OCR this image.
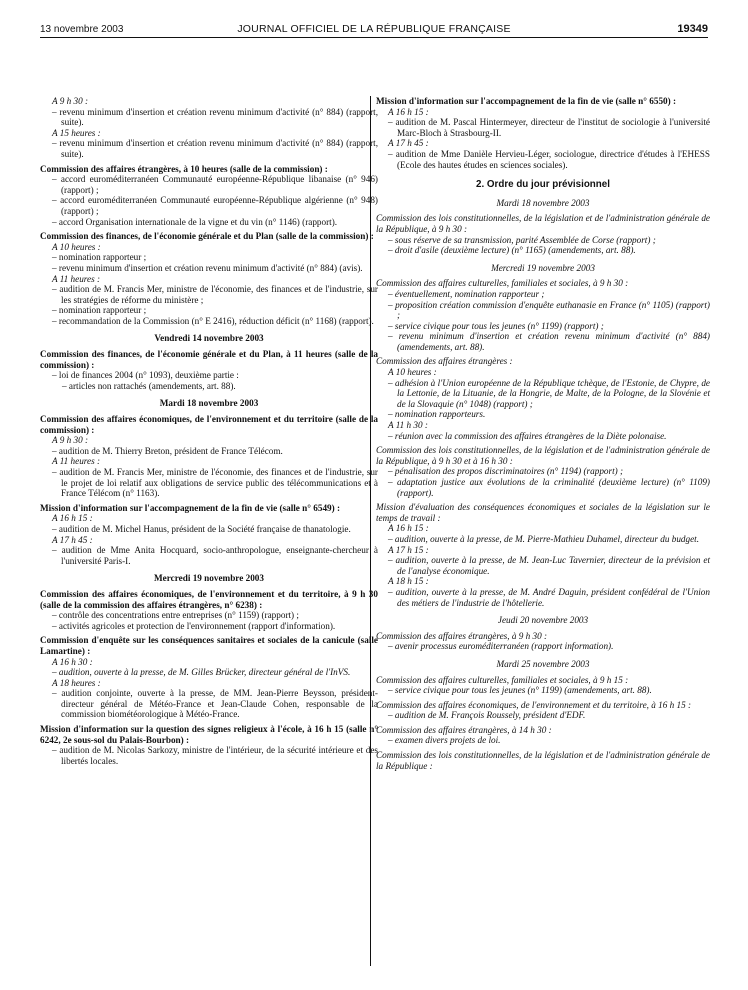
13 novembre 2003	JOURNAL OFFICIEL DE LA RÉPUBLIQUE FRANÇAISE	19349

A 9 h 30 :

– revenu minimum d'insertion et création revenu minimum d'activité (n° 884) (rapport, suite).

A 15 heures :

– revenu minimum d'insertion et création revenu minimum d'activité (n° 884) (rapport, suite).

Commission des affaires étrangères, à 10 heures (salle de la commission) :

– accord euroméditerranéen Communauté européenne-République libanaise (n° 946) (rapport) ;

– accord euroméditerranéen Communauté européenne-République algérienne (n° 948) (rapport) ;

– accord Organisation internationale de la vigne et du vin (n° 1146) (rapport).

Commission des finances, de l'économie générale et du Plan (salle de la commission) :

A 10 heures :

– nomination rapporteur ;

– revenu minimum d'insertion et création revenu minimum d'activité (n° 884) (avis).

A 11 heures :

– audition de M. Francis Mer, ministre de l'économie, des finances et de l'industrie, sur les stratégies de réforme du ministère ;

– nomination rapporteur ;

– recommandation de la Commission (n° E 2416), réduction déficit (n° 1168) (rapport).

Vendredi 14 novembre 2003

Commission des finances, de l'économie générale et du Plan, à 11 heures (salle de la commission) :

– loi de finances 2004 (n° 1093), deuxième partie :

– articles non rattachés (amendements, art. 88).

Mardi 18 novembre 2003

Commission des affaires économiques, de l'environnement et du territoire (salle de la commission) :

A 9 h 30 :

– audition de M. Thierry Breton, président de France Télécom.

A 11 heures :

– audition de M. Francis Mer, ministre de l'économie, des finances et de l'industrie, sur le projet de loi relatif aux obligations de service public des télécommunications et à France Télécom (n° 1163).

Mission d'information sur l'accompagnement de la fin de vie (salle n° 6549) :

A 16 h 15 :

– audition de M. Michel Hanus, président de la Société française de thanatologie.

A 17 h 45 :

– audition de Mme Anita Hocquard, socio-anthropologue, enseignante-chercheur à l'université Paris-I.

Mercredi 19 novembre 2003

Commission des affaires économiques, de l'environnement et du territoire, à 9 h 30 (salle de la commission des affaires étrangères, n° 6238) :

– contrôle des concentrations entre entreprises (n° 1159) (rapport) ;

– activités agricoles et protection de l'environnement (rapport d'information).

Commission d'enquête sur les conséquences sanitaires et sociales de la canicule (salle Lamartine) :

A 16 h 30 :

– audition, ouverte à la presse, de M. Gilles Brücker, directeur général de l'InVS.

A 18 heures :

– audition conjointe, ouverte à la presse, de MM. Jean-Pierre Beysson, président-directeur général de Météo-France et Jean-Claude Cohen, responsable de la commission biométéorologique à Météo-France.

Mission d'information sur la question des signes religieux à l'école, à 16 h 15 (salle n° 6242, 2e sous-sol du Palais-Bourbon) :

– audition de M. Nicolas Sarkozy, ministre de l'intérieur, de la sécurité intérieure et des libertés locales.

Mission d'information sur l'accompagnement de la fin de vie (salle n° 6550) :

A 16 h 15 :

– audition de M. Pascal Hintermeyer, directeur de l'institut de sociologie à l'université Marc-Bloch à Strasbourg-II.

A 17 h 45 :

– audition de Mme Danièle Hervieu-Léger, sociologue, directrice d'études à l'EHESS (Ecole des hautes études en sciences sociales).

2. Ordre du jour prévisionnel

Mardi 18 novembre 2003

Commission des lois constitutionnelles, de la législation et de l'administration générale de la République, à 9 h 30 :

– sous réserve de sa transmission, parité Assemblée de Corse (rapport) ;

– droit d'asile (deuxième lecture) (n° 1165) (amendements, art. 88).

Mercredi 19 novembre 2003

Commission des affaires culturelles, familiales et sociales, à 9 h 30 :

– éventuellement, nomination rapporteur ;

– proposition création commission d'enquête euthanasie en France (n° 1105) (rapport) ;

– service civique pour tous les jeunes (n° 1199) (rapport) ;

– revenu minimum d'insertion et création revenu minimum d'activité (n° 884) (amendements, art. 88).

Commission des affaires étrangères :

A 10 heures :

– adhésion à l'Union européenne de la République tchèque, de l'Estonie, de Chypre, de la Lettonie, de la Lituanie, de la Hongrie, de Malte, de la Pologne, de la Slovénie et de la Slovaquie (n° 1048) (rapport) ;

– nomination rapporteurs.

A 11 h 30 :

– réunion avec la commission des affaires étrangères de la Diète polonaise.

Commission des lois constitutionnelles, de la législation et de l'administration générale de la République, à 9 h 30 et à 16 h 30 :

– pénalisation des propos discriminatoires (n° 1194) (rapport) ;

– adaptation justice aux évolutions de la criminalité (deuxième lecture) (n° 1109) (rapport).

Mission d'évaluation des conséquences économiques et sociales de la législation sur le temps de travail :

A 16 h 15 :

– audition, ouverte à la presse, de M. Pierre-Mathieu Duhamel, directeur du budget.

A 17 h 15 :

– audition, ouverte à la presse, de M. Jean-Luc Tavernier, directeur de la prévision et de l'analyse économique.

A 18 h 15 :

– audition, ouverte à la presse, de M. André Daguin, président confédéral de l'Union des métiers de l'industrie de l'hôtellerie.

Jeudi 20 novembre 2003

Commission des affaires étrangères, à 9 h 30 :

– avenir processus euroméditerranéen (rapport information).

Mardi 25 novembre 2003

Commission des affaires culturelles, familiales et sociales, à 9 h 15 :

– service civique pour tous les jeunes (n° 1199) (amendements, art. 88).

Commission des affaires économiques, de l'environnement et du territoire, à 16 h 15 :

– audition de M. François Roussely, président d'EDF.

Commission des affaires étrangères, à 14 h 30 :

– examen divers projets de loi.

Commission des lois constitutionnelles, de la législation et de l'administration générale de la République :
